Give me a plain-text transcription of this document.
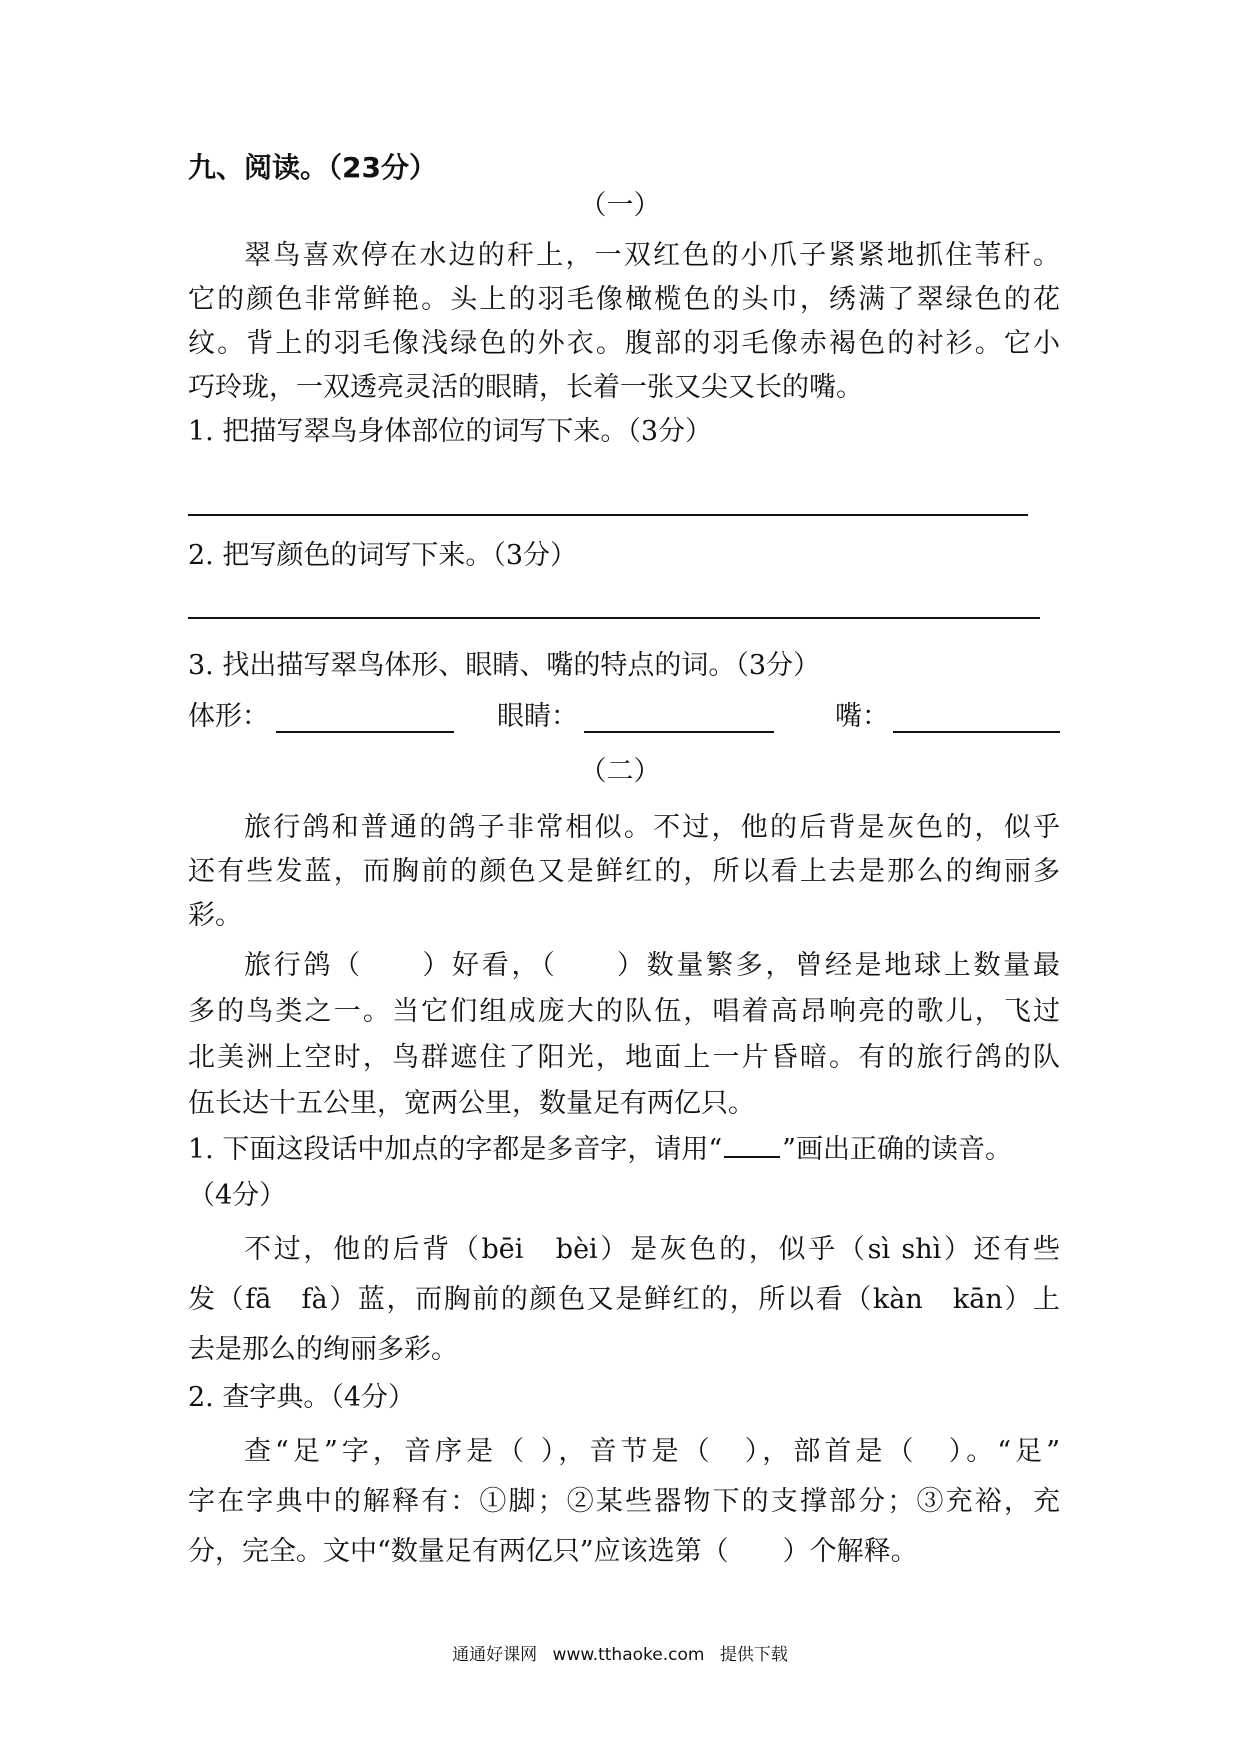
九、阅读。（23分）
（一）
翠鸟喜欢停在水边的秆上，一双红色的小爪子紧紧地抓住苇秆。
它的颜色非常鲜艳。头上的羽毛像橄榄色的头巾，绣满了翠绿色的花
纹。背上的羽毛像浅绿色的外衣。腹部的羽毛像赤褐色的衬衫。它小
巧玲珑，一双透亮灵活的眼睛，长着一张又尖又长的嘴。
1. 把描写翠鸟身体部位的词写下来。（3分）
2. 把写颜色的词写下来。（3分）
3. 找出描写翠鸟体形、眼睛、嘴的特点的词。（3分）
体形：	眼睛：	嘴：
（二）
旅行鸽和普通的鸽子非常相似。不过，他的后背是灰色的，似乎
还有些发蓝，而胸前的颜色又是鲜红的，所以看上去是那么的绚丽多
彩。
旅行鸽（　　）好看，（　　）数量繁多，曾经是地球上数量最
多的鸟类之一。当它们组成庞大的队伍，唱着高昂响亮的歌儿，飞过
北美洲上空时，鸟群遮住了阳光，地面上一片昏暗。有的旅行鸽的队
伍长达十五公里，宽两公里，数量足有两亿只。
1. 下面这段话中加点的字都是多音字，请用“ ”画出正确的读音。
（4分）
不过，他的后背（bēi　bèi）是灰色的，似乎（sì shì）还有些
发（fā　fà）蓝，而胸前的颜色又是鲜红的，所以看（kàn　kān）上
去是那么的绚丽多彩。
2. 查字典。（4分）
查“足”字，音序是（ ），音节是（　），部首是（　）。“足”
字在字典中的解释有：①脚；②某些器物下的支撑部分；③充裕，充
分，完全。文中“数量足有两亿只”应该选第（　　）个解释。
通通好课网 www.tthaoke.com 提供下载
